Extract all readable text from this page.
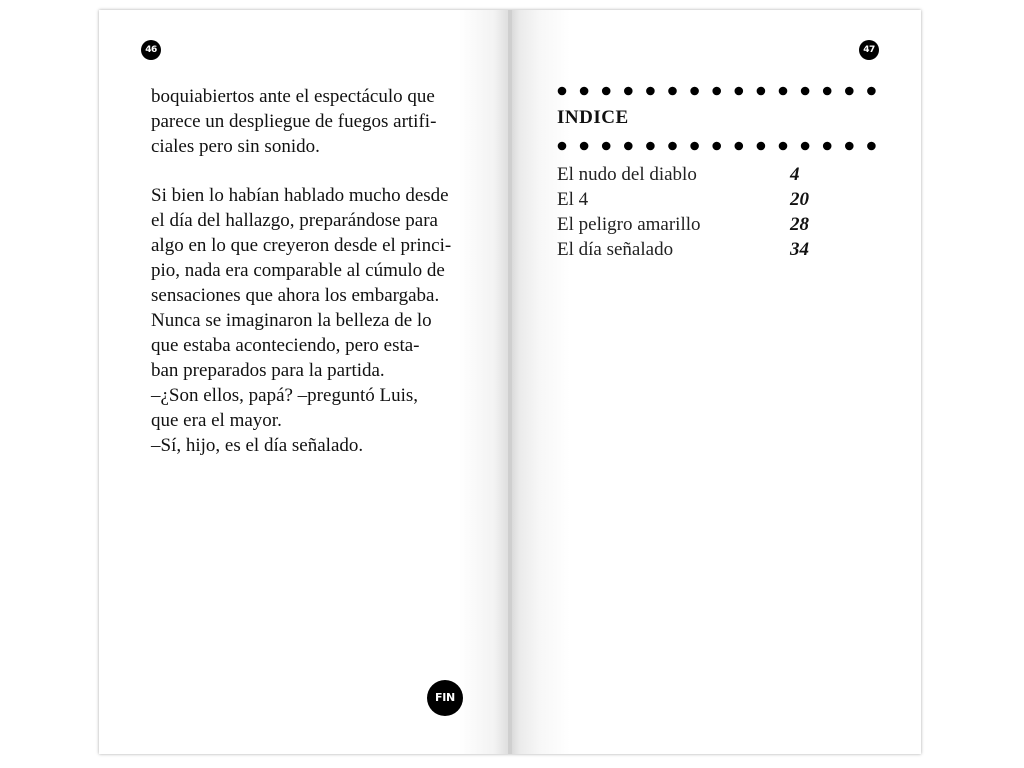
46	47
boquiabiertos ante el espectáculo que
parece un despliegue de fuegos artifi-
ciales pero sin sonido.
Si bien lo habían hablado mucho desde
el día del hallazgo, preparándose para
algo en lo que creyeron desde el princi-
pio, nada era comparable al cúmulo de
sensaciones que ahora los embargaba.
Nunca se imaginaron la belleza de lo
que estaba aconteciendo, pero esta-
ban preparados para la partida.
–¿Son ellos, papá? –preguntó Luis,
que era el mayor.
–Sí, hijo, es el día señalado.
FIN
INDICE
El nudo del diablo	4
El 4	20
El peligro amarillo	28
El día señalado	34
